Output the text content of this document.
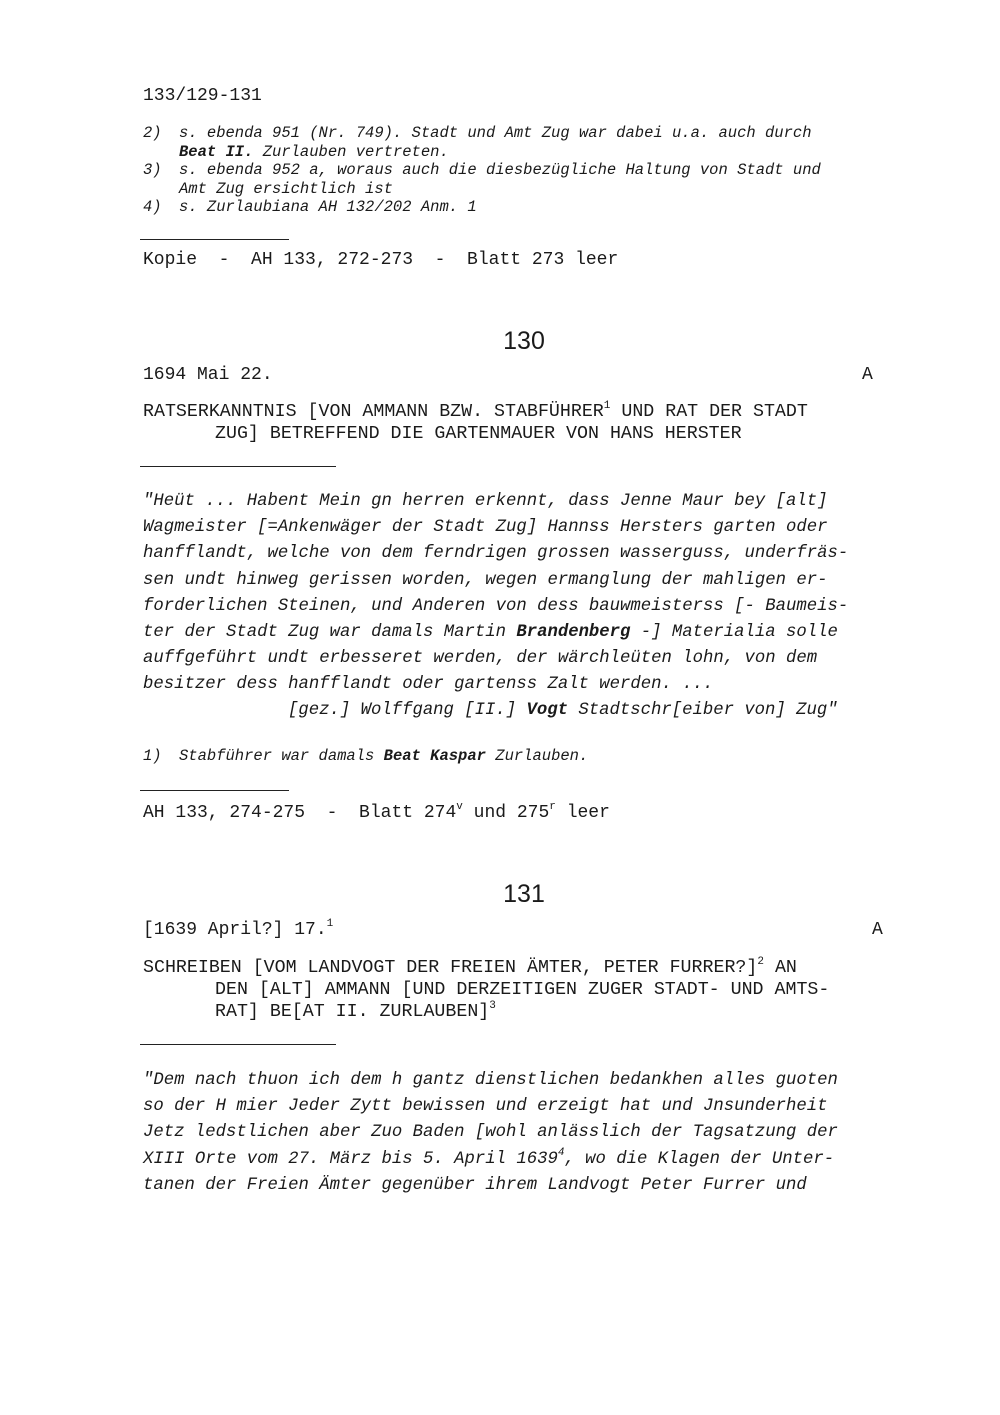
133/129-131
2) s. ebenda 951 (Nr. 749). Stadt und Amt Zug war dabei u.a. auch durch
Beat II. Zurlauben vertreten.
3) s. ebenda 952 a, woraus auch die diesbezügliche Haltung von Stadt und
Amt Zug ersichtlich ist
4) s. Zurlaubiana AH 132/202 Anm. 1
Kopie  -  AH 133, 272-273  -  Blatt 273 leer
130
1694 Mai 22.	A
RATSERKANNTNIS [VON AMMANN BZW. STABFÜHRER$^1$ UND RAT DER STADT
ZUG] BETREFFEND DIE GARTENMAUER VON HANS HERSTER
"Heüt ... Habent Mein gn herren erkennt, dass Jenne Maur bey [alt]
Wagmeister [=Ankenwäger der Stadt Zug] Hannss Hersters garten oder
hanfflandt, welche von dem ferndrigen grossen wasserguss, underfräs-
sen undt hinweg gerissen worden, wegen ermanglung der mahligen er-
forderlichen Steinen, und Anderen von dess bauwmeisterss [- Baumeis-
ter der Stadt Zug war damals Martin Brandenberg -] Materialia solle
auffgeführt undt erbesseret werden, der wärchleüten lohn, von dem
besitzer dess hanfflandt oder gartenss Zalt werden. ...
[gez.] Wolffgang [II.] Vogt Stadtschr[eiber von] Zug"
1) Stabführer war damals Beat Kaspar Zurlauben.
AH 133, 274-275  -  Blatt 274$^v$ und 275$^r$ leer
131
[1639 April?] 17.$^1$	A
SCHREIBEN [VOM LANDVOGT DER FREIEN ÄMTER, PETER FURRER?]$^2$ AN
DEN [ALT] AMMANN [UND DERZEITIGEN ZUGER STADT- UND AMTS-
RAT] BE[AT II. ZURLAUBEN]$^3$
"Dem nach thuon ich dem h gantz dienstlichen bedankhen alles guoten
so der H mier Jeder Zytt bewissen und erzeigt hat und Jnsunderheit
Jetz ledstlichen aber Zuo Baden [wohl anlässlich der Tagsatzung der
XIII Orte vom 27. März bis 5. April 1639$^4$, wo die Klagen der Unter-
tanen der Freien Ämter gegenüber ihrem Landvogt Peter Furrer und
